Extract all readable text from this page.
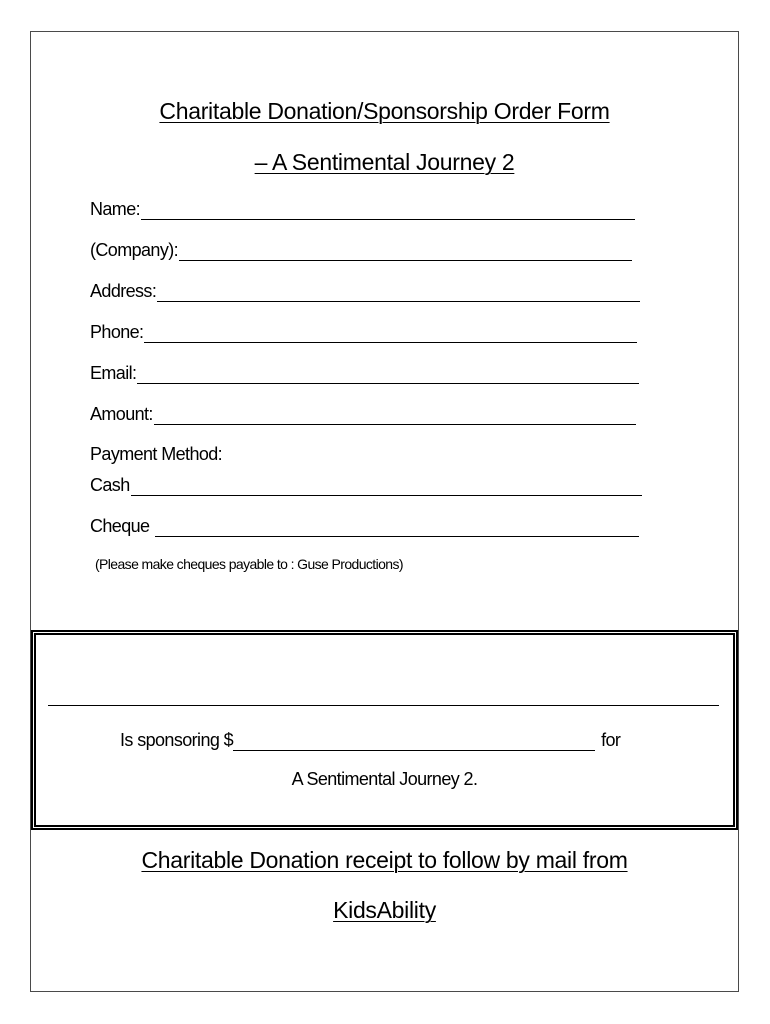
Charitable Donation/Sponsorship Order Form
– A Sentimental Journey 2
Name:
(Company):
Address:
Phone:
Email:
Amount:
Payment Method:
Cash
Cheque
(Please make cheques payable to : Guse Productions)
Is sponsoring $	for
A Sentimental Journey 2.
Charitable Donation receipt to follow by mail from
KidsAbility
